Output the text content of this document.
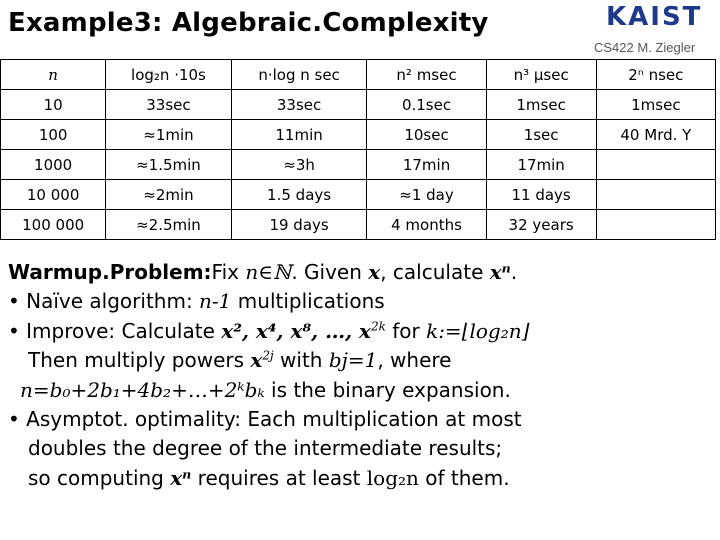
Example3: Algebraic.Complexity	KAIST
CS422 M. Ziegler
n	log₂n ·10s	n·log n sec	n² msec	n³ μsec	2ⁿ nsec
10	33sec	33sec	0.1sec	1msec	1msec
100	≈1min	11min	10sec	1sec	40 Mrd. Y
1000	≈1.5min	≈3h	17min	17min	
10 000	≈2min	1.5 days	≈1 day	11 days	
100 000	≈2.5min	19 days	4 months	32 years	
Warmup.Problem:Fix n∈ℕ. Given x, calculate xⁿ.
• Naïve algorithm: n-1 multiplications
• Improve: Calculate x², x⁴, x⁸, …, $x^{2k}$ for k:=⌊log₂n⌋
Then multiply powers $x^{2j}$ with bj=1, where
n=b₀+2b₁+4b₂+…+2ᵏbₖ is the binary expansion.
• Asymptot. optimality: Each multiplication at most
doubles the degree of the intermediate results;
so computing xⁿ requires at least log₂n of them.
